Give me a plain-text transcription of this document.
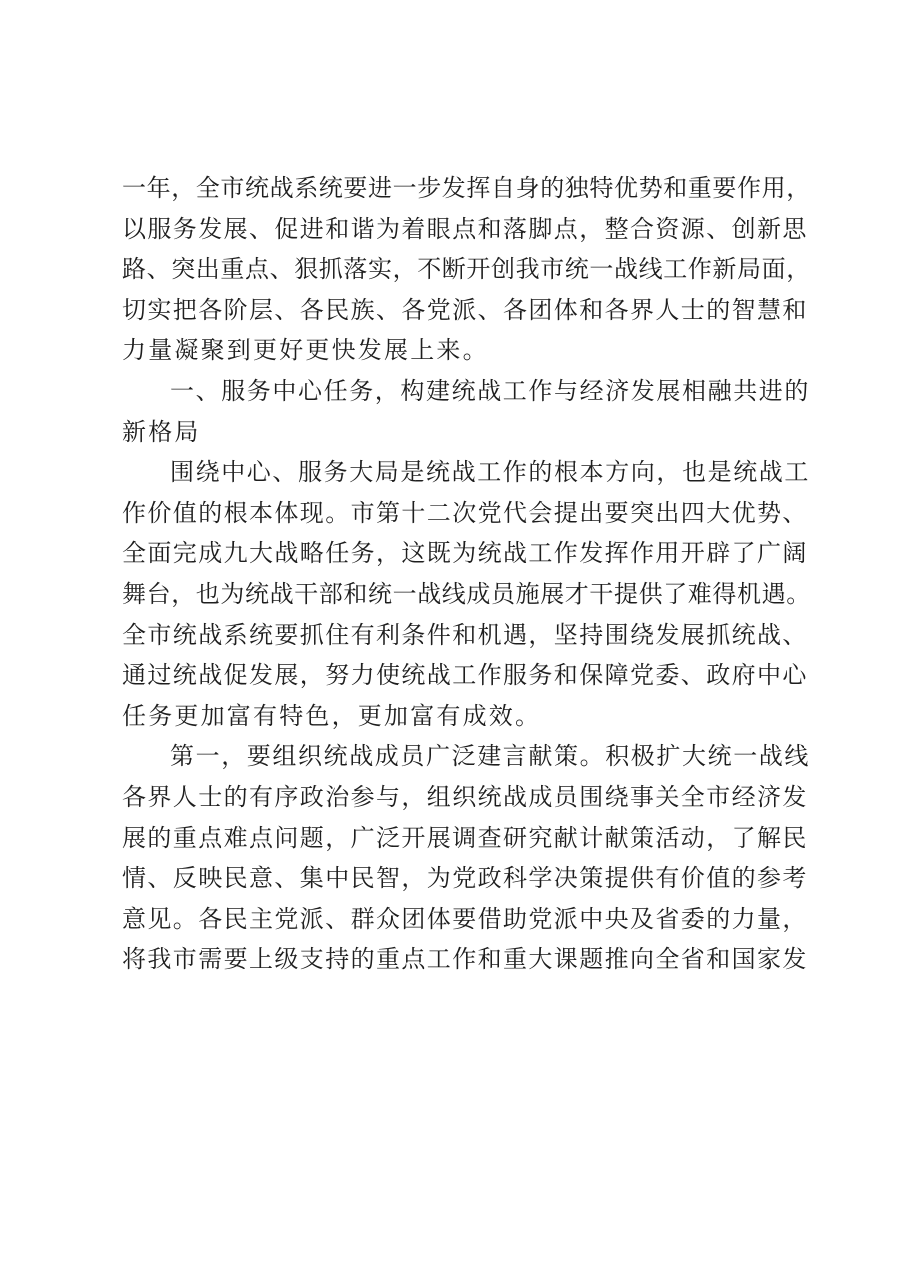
一年，全市统战系统要进一步发挥自身的独特优势和重要作用，
以服务发展、促进和谐为着眼点和落脚点，整合资源、创新思
路、突出重点、狠抓落实，不断开创我市统一战线工作新局面，
切实把各阶层、各民族、各党派、各团体和各界人士的智慧和
力量凝聚到更好更快发展上来。
一、服务中心任务，构建统战工作与经济发展相融共进的
新格局
围绕中心、服务大局是统战工作的根本方向，也是统战工
作价值的根本体现。市第十二次党代会提出要突出四大优势、
全面完成九大战略任务，这既为统战工作发挥作用开辟了广阔
舞台，也为统战干部和统一战线成员施展才干提供了难得机遇。
全市统战系统要抓住有利条件和机遇，坚持围绕发展抓统战、
通过统战促发展，努力使统战工作服务和保障党委、政府中心
任务更加富有特色，更加富有成效。
第一，要组织统战成员广泛建言献策。积极扩大统一战线
各界人士的有序政治参与，组织统战成员围绕事关全市经济发
展的重点难点问题，广泛开展调查研究献计献策活动，了解民
情、反映民意、集中民智，为党政科学决策提供有价值的参考
意见。各民主党派、群众团体要借助党派中央及省委的力量，
将我市需要上级支持的重点工作和重大课题推向全省和国家发
